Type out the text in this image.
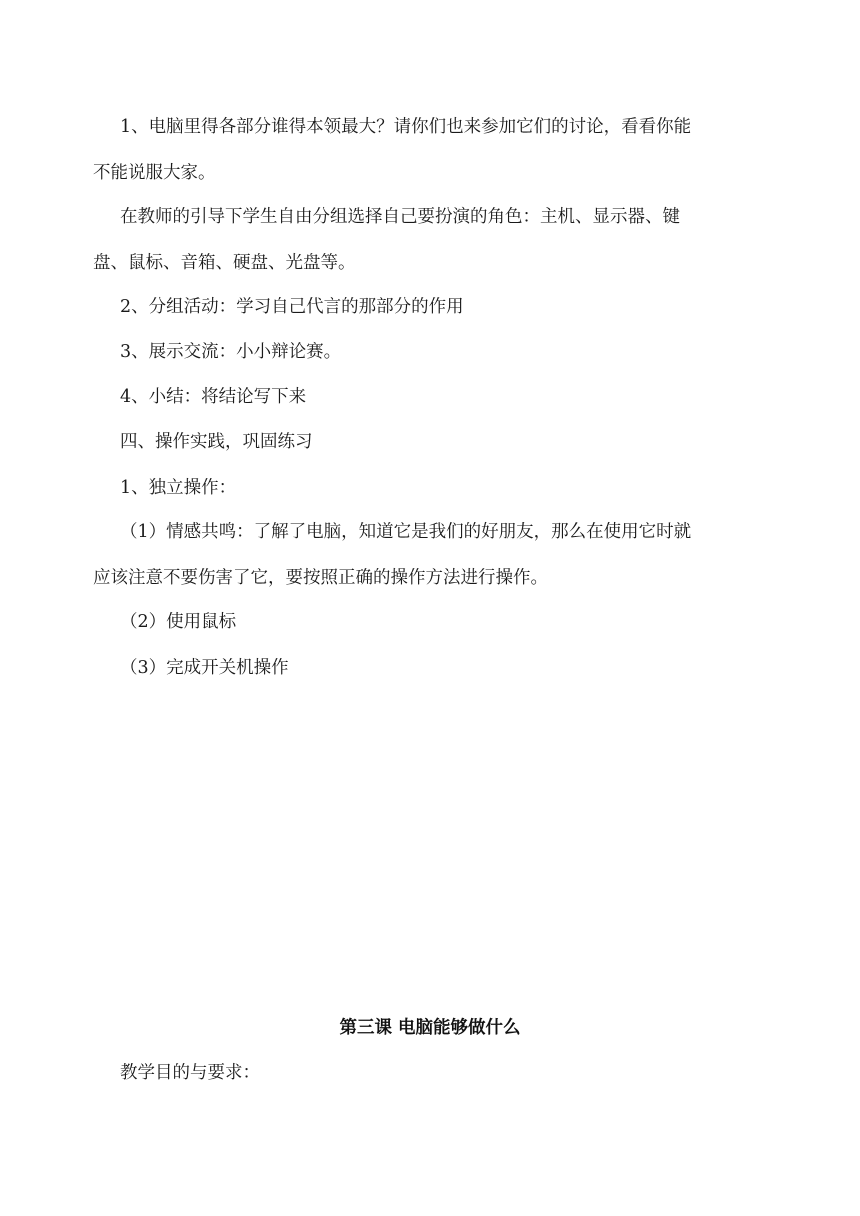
1、电脑里得各部分谁得本领最大？请你们也来参加它们的讨论，看看你能

不能说服大家。

在教师的引导下学生自由分组选择自己要扮演的角色：主机、显示器、键

盘、鼠标、音箱、硬盘、光盘等。

2、分组活动：学习自己代言的那部分的作用

3、展示交流：小小辩论赛。

4、小结：将结论写下来

四、操作实践，巩固练习

1、独立操作：

（1）情感共鸣：了解了电脑，知道它是我们的好朋友，那么在使用它时就

应该注意不要伤害了它，要按照正确的操作方法进行操作。

（2）使用鼠标

（3）完成开关机操作

第三课 电脑能够做什么

教学目的与要求：
